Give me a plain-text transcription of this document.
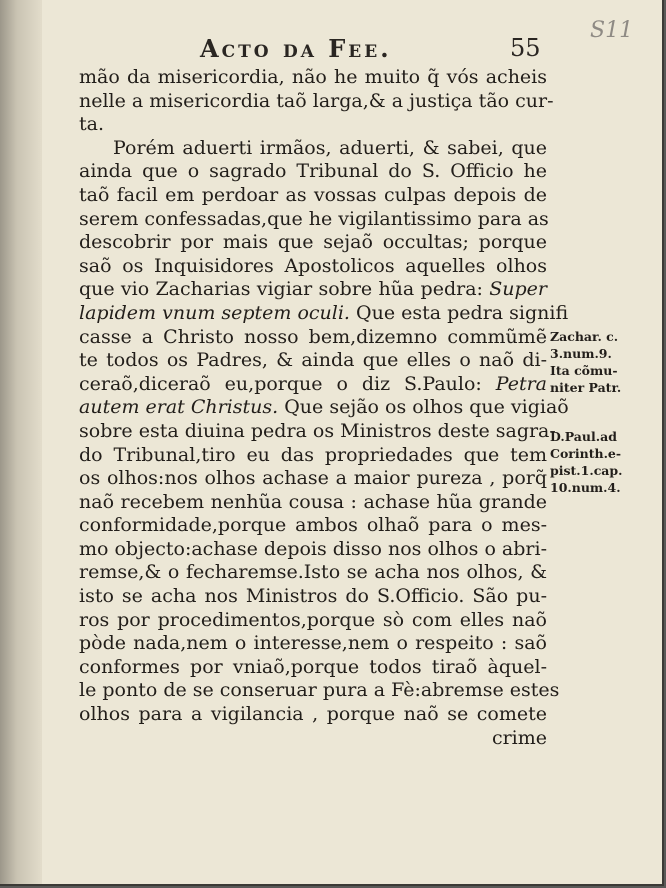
Acto da Fee.	55
S11
mão da misericordia, não he muito q̃ vós acheis
nelle a misericordia taõ larga,& a justiça tão cur-
ta.
Porém aduerti irmãos, aduerti, & sabei, que
ainda que o sagrado Tribunal do S. Officio he
taõ facil em perdoar as vossas culpas depois de
serem confessadas,que he vigilantissimo para as
descobrir por mais que sejaõ occultas; porque
saõ os Inquisidores Apostolicos aquelles olhos
que vio Zacharias vigiar sobre hũa pedra: Super
lapidem vnum septem oculi. Que esta pedra signifi
casse a Christo nosso bem,dizemno commũmẽ
te todos os Padres, & ainda que elles o naõ di-
ceraõ,diceraõ eu,porque o diz S.Paulo: Petra
autem erat Christus. Que sejão os olhos que vigiaõ
sobre esta diuina pedra os Ministros deste sagra-
do Tribunal,tiro eu das propriedades que tem
os olhos:nos olhos achase a maior pureza , porq̃
naõ recebem nenhũa cousa : achase hũa grande
conformidade,porque ambos olhaõ para o mes-
mo objecto:achase depois disso nos olhos o abri-
remse,& o fecharemse.Isto se acha nos olhos, &
isto se acha nos Ministros do S.Officio. São pu-
ros por procedimentos,porque sò com elles naõ
pòde nada,nem o interesse,nem o respeito : saõ
conformes por vniaõ,porque todos tiraõ àquel-
le ponto de se conseruar pura a Fè:abremse estes
olhos para a vigilancia , porque naõ se comete
crime
Zachar. c.
3.num.9.
Ita cõmu-
niter Patr.
D.Paul.ad
Corinth.e-
pist.1.cap.
10.num.4.
